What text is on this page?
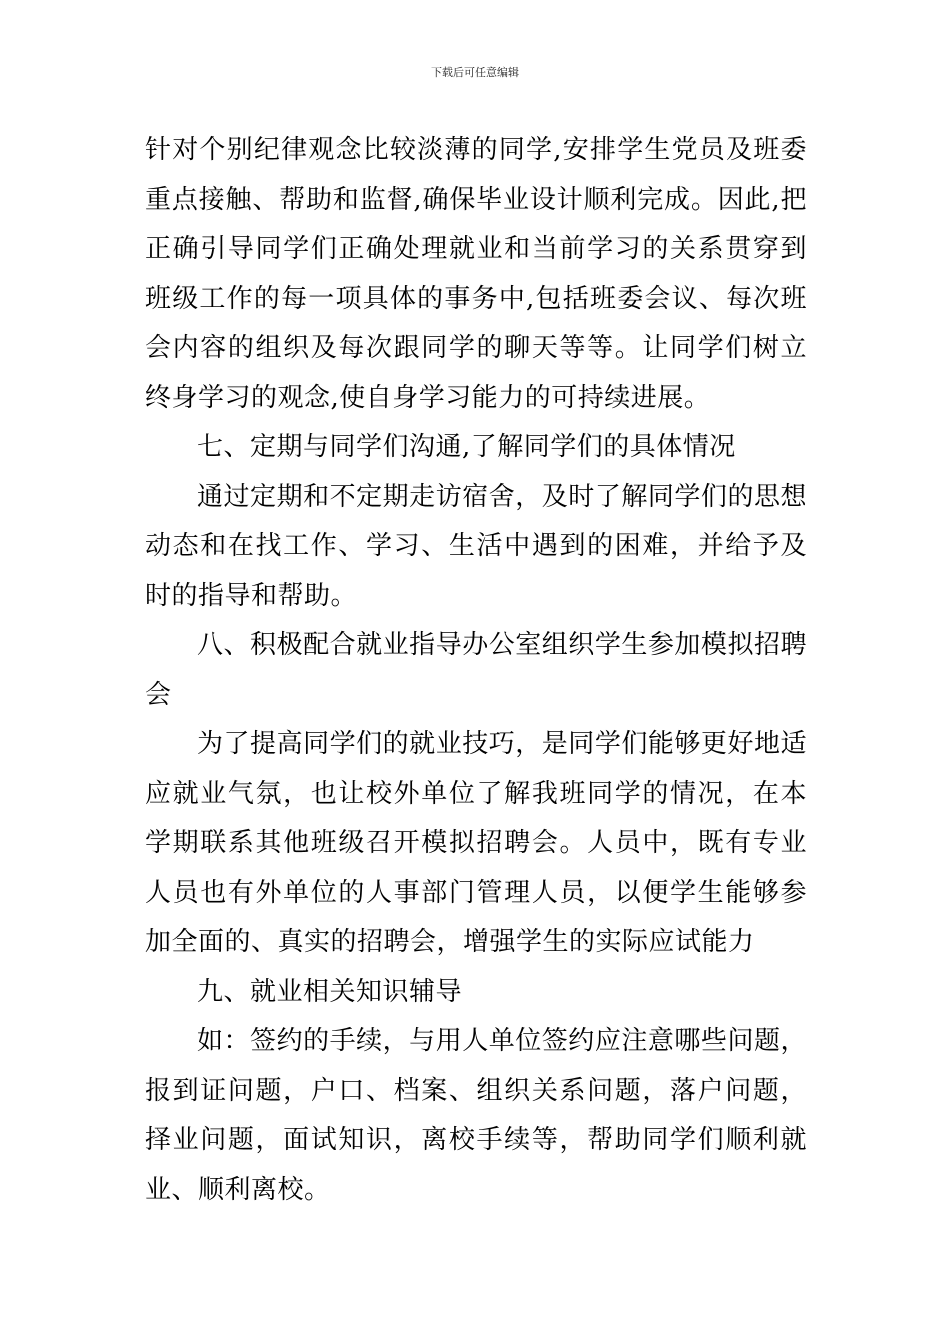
下载后可任意编辑

针对个别纪律观念比较淡薄的同学,安排学生党员及班委重点接触、帮助和监督,确保毕业设计顺利完成。因此,把正确引导同学们正确处理就业和当前学习的关系贯穿到班级工作的每一项具体的事务中,包括班委会议、每次班会内容的组织及每次跟同学的聊天等等。让同学们树立终身学习的观念,使自身学习能力的可持续进展。

七、定期与同学们沟通,了解同学们的具体情况

通过定期和不定期走访宿舍，及时了解同学们的思想动态和在找工作、学习、生活中遇到的困难，并给予及时的指导和帮助。

八、积极配合就业指导办公室组织学生参加模拟招聘会

为了提高同学们的就业技巧，是同学们能够更好地适应就业气氛，也让校外单位了解我班同学的情况，在本学期联系其他班级召开模拟招聘会。人员中，既有专业人员也有外单位的人事部门管理人员，以便学生能够参加全面的、真实的招聘会，增强学生的实际应试能力

九、就业相关知识辅导

如：签约的手续，与用人单位签约应注意哪些问题，报到证问题，户口、档案、组织关系问题，落户问题，择业问题，面试知识，离校手续等，帮助同学们顺利就业、顺利离校。
